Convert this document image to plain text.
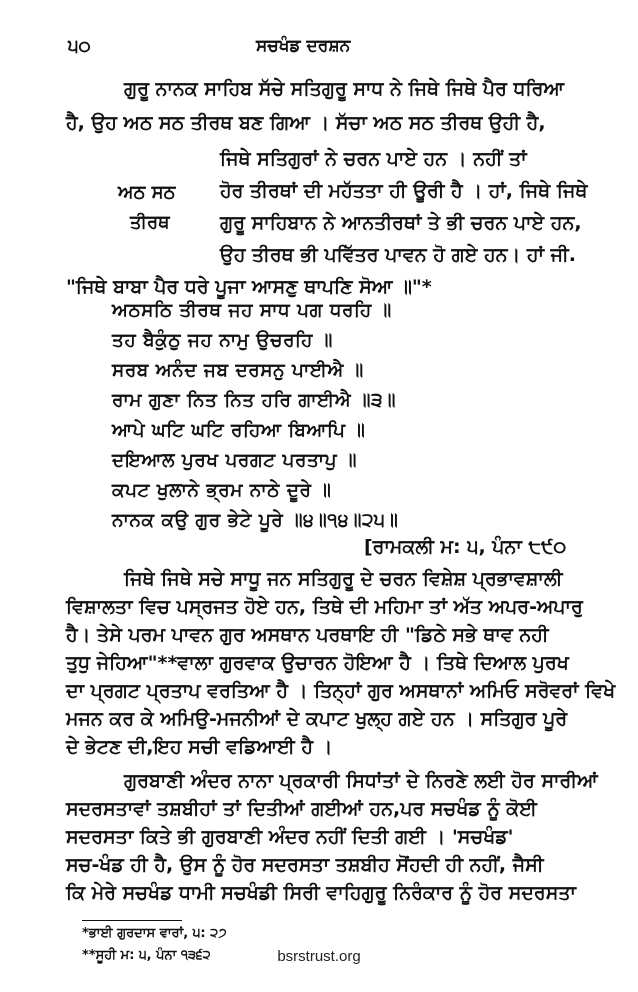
੫੦	ਸਚਖੰਡ ਦਰਸ਼ਨ
ਗੁਰੂ ਨਾਨਕ ਸਾਹਿਬ ਸੱਚੇ ਸਤਿਗੁਰੂ ਸਾਧ ਨੇ ਜਿਥੇ ਜਿਥੇ ਪੈਰ ਧਰਿਆ
ਹੈ, ਉਹ ਅਠ ਸਠ ਤੀਰਥ ਬਣ ਗਿਆ । ਸੱਚਾ ਅਠ ਸਠ ਤੀਰਥ ਉਹੀ ਹੈ,
ਜਿਥੇ ਸਤਿਗੁਰਾਂ ਨੇ ਚਰਨ ਪਾਏ ਹਨ । ਨਹੀਂ ਤਾਂ
ਅਠ ਸਠ
ਤੀਰਥ
ਹੋਰ ਤੀਰਥਾਂ ਦੀ ਮਹੱਤਤਾ ਹੀ ਊਰੀ ਹੈ । ਹਾਂ, ਜਿਥੇ ਜਿਥੇ
ਗੁਰੂ ਸਾਹਿਬਾਨ ਨੇ ਆਨਤੀਰਥਾਂ ਤੇ ਭੀ ਚਰਨ ਪਾਏ ਹਨ,
ਉਹ ਤੀਰਥ ਭੀ ਪਵਿੱਤਰ ਪਾਵਨ ਹੋ ਗਏ ਹਨ। ਹਾਂ ਜੀ.
"ਜਿਥੇ ਬਾਬਾ ਪੈਰ ਧਰੇ ਪੂਜਾ ਆਸਣੁ ਥਾਪਣਿ ਸੋਆ ॥"*
ਅਠਸਠਿ ਤੀਰਥ ਜਹ ਸਾਧ ਪਗ ਧਰਹਿ ॥
ਤਹ ਬੈਕੁੰਠੁ ਜਹ ਨਾਮੁ ਉਚਰਹਿ ॥
ਸਰਬ ਅਨੰਦ ਜਬ ਦਰਸਨੁ ਪਾਈਐ ॥
ਰਾਮ ਗੁਣਾ ਨਿਤ ਨਿਤ ਹਰਿ ਗਾਈਐ ॥੩॥
ਆਪੇ ਘਟਿ ਘਟਿ ਰਹਿਆ ਬਿਆਪਿ ॥
ਦਇਆਲ ਪੁਰਖ ਪਰਗਟ ਪਰਤਾਪੁ ॥
ਕਪਟ ਖੁਲਾਨੇ ਭ੍ਰਮ ਨਾਠੇ ਦੂਰੇ ॥
ਨਾਨਕ ਕਉ ਗੁਰ ਭੇਟੇ ਪੂਰੇ ॥੪॥੧੪॥੨੫॥
[ਰਾਮਕਲੀ ਮ: ੫, ਪੰਨਾ ੮੯੦
ਜਿਥੇ ਜਿਥੇ ਸਚੇ ਸਾਧੂ ਜਨ ਸਤਿਗੁਰੂ ਦੇ ਚਰਨ ਵਿਸ਼ੇਸ਼ ਪ੍ਰਭਾਵਸ਼ਾਲੀ
ਵਿਸ਼ਾਲਤਾ ਵਿਚ ਪਸ੍ਰਜਤ ਹੋਏ ਹਨ, ਤਿਥੇ ਦੀ ਮਹਿਮਾ ਤਾਂ ਅੱਤ ਅਪਰ-ਅਪਾਰੁ
ਹੈ। ਤੇਸੇ ਪਰਮ ਪਾਵਨ ਗੁਰ ਅਸਥਾਨ ਪਰਥਾਇ ਹੀ "ਡਿਠੇ ਸਭੇ ਥਾਵ ਨਹੀ
ਤੁਧੁ ਜੇਹਿਆ"**ਵਾਲਾ ਗੁਰਵਾਕ ਉਚਾਰਨ ਹੋਇਆ ਹੈ । ਤਿਥੇ ਦਿਆਲ ਪੁਰਖ
ਦਾ ਪ੍ਰਗਟ ਪ੍ਰਤਾਪ ਵਰਤਿਆ ਹੈ । ਤਿਨ੍ਹਾਂ ਗੁਰ ਅਸਥਾਨਾਂ ਅਮਿਓ ਸਰੋਵਰਾਂ ਵਿਖੇ
ਮਜਨ ਕਰ ਕੇ ਅਮਿਉ-ਮਜਨੀਆਂ ਦੇ ਕਪਾਟ ਖੁਲ੍ਹ ਗਏ ਹਨ । ਸਤਿਗੁਰ ਪੂਰੇ
ਦੇ ਭੇਟਣ ਦੀ,ਇਹ ਸਚੀ ਵਡਿਆਈ ਹੈ ।
ਗੁਰਬਾਣੀ ਅੰਦਰ ਨਾਨਾ ਪ੍ਰਕਾਰੀ ਸਿਧਾਂਤਾਂ ਦੇ ਨਿਰਣੇ ਲਈ ਹੋਰ ਸਾਰੀਆਂ
ਸਦਰਸਤਾਵਾਂ ਤਸ਼ਬੀਹਾਂ ਤਾਂ ਦਿਤੀਆਂ ਗਈਆਂ ਹਨ,ਪਰ ਸਚਖੰਡ ਨੂੰ ਕੋਈ
ਸਦਰਸਤਾ ਕਿਤੇ ਭੀ ਗੁਰਬਾਣੀ ਅੰਦਰ ਨਹੀਂ ਦਿਤੀ ਗਈ । 'ਸਚਖੰਡ'
ਸਚ-ਖੰਡ ਹੀ ਹੈ, ਉਸ ਨੂੰ ਹੋਰ ਸਦਰਸਤਾ ਤਸ਼ਬੀਹ ਸੋਂਹਦੀ ਹੀ ਨਹੀਂ, ਜੈਸੀ
ਕਿ ਮੇਰੇ ਸਚਖੰਡ ਧਾਮੀ ਸਚਖੰਡੀ ਸਿਰੀ ਵਾਹਿਗੁਰੂ ਨਿਰੰਕਾਰ ਨੂੰ ਹੋਰ ਸਦਰਸਤਾ
*ਭਾਈ ਗੁਰਦਾਸ ਵਾਰਾਂ, ੫: ੨੭
**ਸੂਹੀ ਮ: ੫, ਪੰਨਾ ੧੩੬੨	bsrstrust.org
